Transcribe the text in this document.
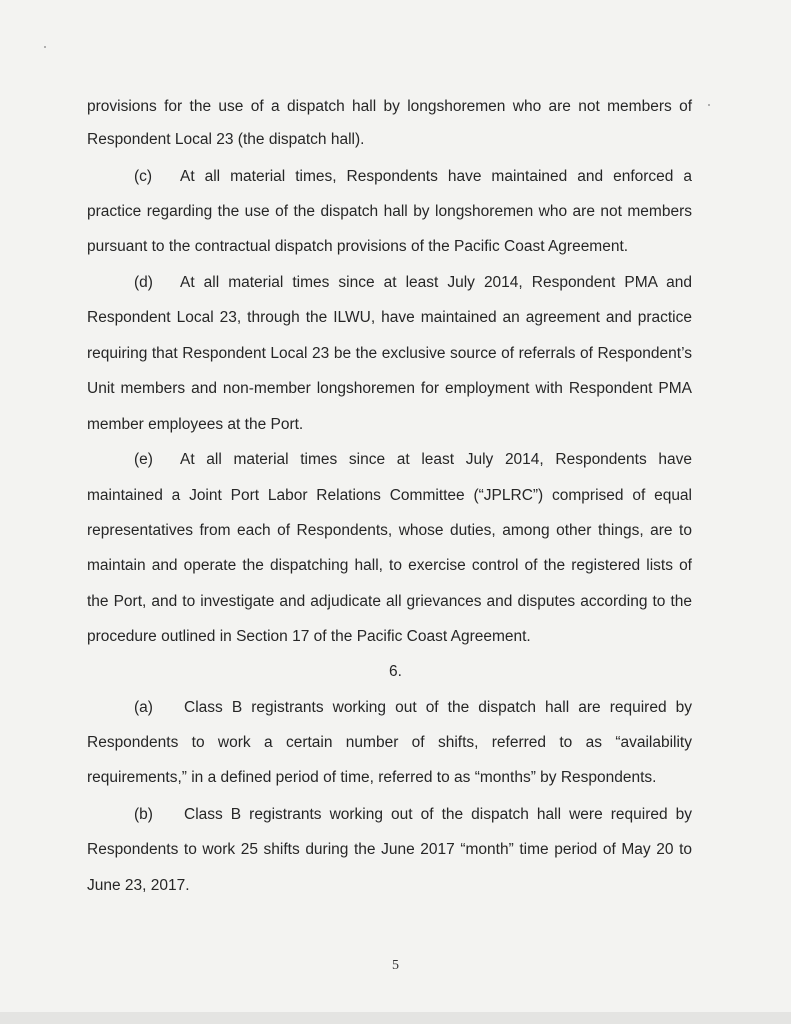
provisions for the use of a dispatch hall by longshoremen who are not members of
Respondent Local 23 (the dispatch hall).
(c) At all material times, Respondents have maintained and enforced a
practice regarding the use of the dispatch hall by longshoremen who are not members
pursuant to the contractual dispatch provisions of the Pacific Coast Agreement.
(d) At all material times since at least July 2014, Respondent PMA and
Respondent Local 23, through the ILWU, have maintained an agreement and practice
requiring that Respondent Local 23 be the exclusive source of referrals of Respondent’s
Unit members and non-member longshoremen for employment with Respondent PMA
member employees at the Port.
(e) At all material times since at least July 2014, Respondents have
maintained a Joint Port Labor Relations Committee (“JPLRC”) comprised of equal
representatives from each of Respondents, whose duties, among other things, are to
maintain and operate the dispatching hall, to exercise control of the registered lists of
the Port, and to investigate and adjudicate all grievances and disputes according to the
procedure outlined in Section 17 of the Pacific Coast Agreement.
6.
(a) Class B registrants working out of the dispatch hall are required by
Respondents to work a certain number of shifts, referred to as “availability
requirements,” in a defined period of time, referred to as “months” by Respondents.
(b) Class B registrants working out of the dispatch hall were required by
Respondents to work 25 shifts during the June 2017 “month” time period of May 20 to
June 23, 2017.
5
